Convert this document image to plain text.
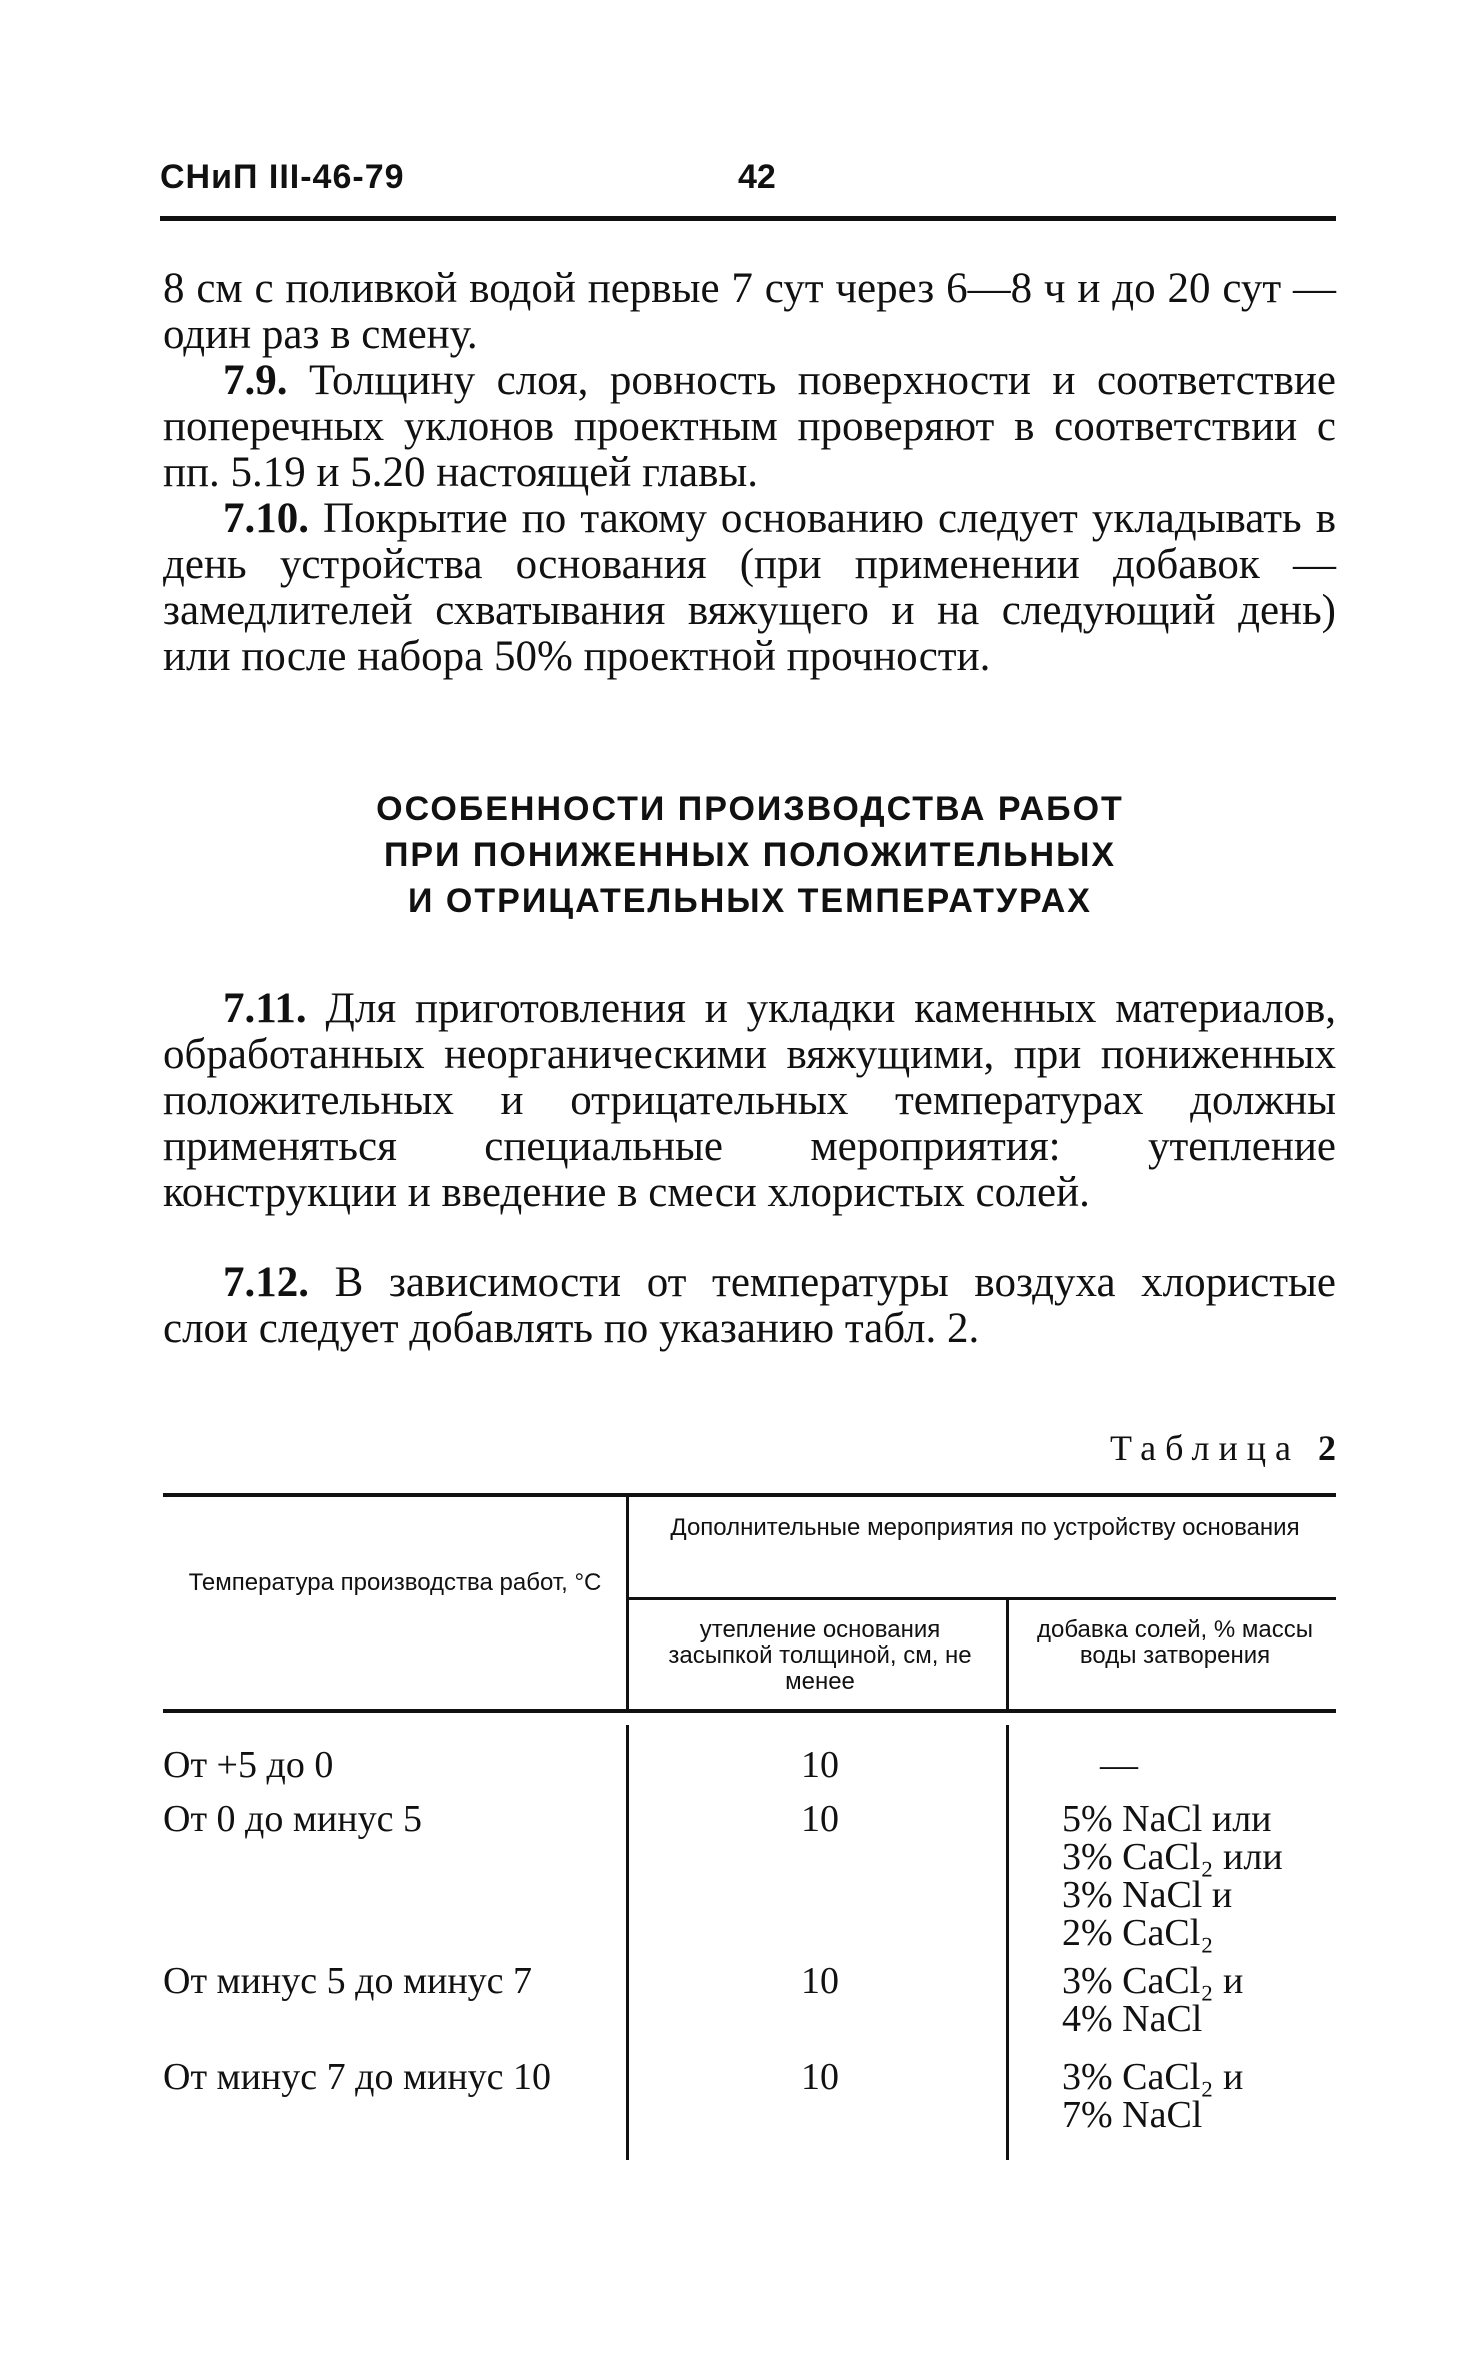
СНиП III-46-79	42
8 см с поливкой водой первые 7 сут через 6—8 ч и до 20 сут — один раз в смену.
7.9. Толщину слоя, ровность поверхности и соответствие поперечных уклонов проектным проверяют в соответствии с пп. 5.19 и 5.20 настоящей главы.
7.10. Покрытие по такому основанию следует укладывать в день устройства основания (при применении добавок — замедлителей схватывания вяжущего и на следующий день) или после набора 50% проектной прочности.
ОСОБЕННОСТИ ПРОИЗВОДСТВА РАБОТ
ПРИ ПОНИЖЕННЫХ ПОЛОЖИТЕЛЬНЫХ
И ОТРИЦАТЕЛЬНЫХ ТЕМПЕРАТУРАХ
7.11. Для приготовления и укладки каменных материалов, обработанных неорганическими вяжущими, при пониженных положительных и отрицательных температурах должны применяться специальные мероприятия: утепление конструкции и введение в смеси хлористых солей.
7.12. В зависимости от температуры воздуха хлористые слои следует добавлять по указанию табл. 2.
Таблица 2
Температура производства работ, °C
Дополнительные мероприятия по устройству основания
утепление основания засыпкой толщиной, см, не менее
добавка солей, % массы воды затворения
От +5 до 0	10	—
От 0 до минус 5	10	5% NaCl или
3% CaCl₂ или
3% NaCl и
2% CaCl₂
От минус 5 до минус 7	10	3% CaCl₂ и
4% NaCl
От минус 7 до минус 10	10	3% CaCl₂ и
7% NaCl
